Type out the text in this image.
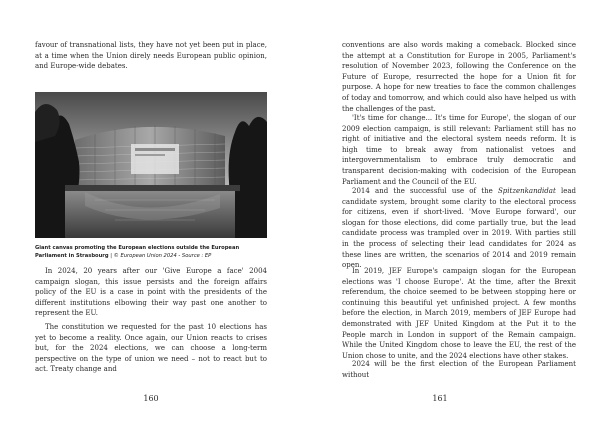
favour of transnational lists, they have not yet been put in place, at a time when the Union direly needs European public opinion, and Europe-wide debates.

Giant canvas promoting the European elections outside the European Parliament in Strasbourg | © European Union 2024 - Source : EP

In 2024, 20 years after our 'Give Europe a face' 2004 campaign slogan, this issue persists and the foreign affairs policy of the EU is a case in point with the presidents of the different institutions elbowing their way past one another to represent the EU.

The constitution we requested for the past 10 elections has yet to become a reality. Once again, our Union reacts to crises but, for the 2024 elections, we can choose a long-term perspective on the type of union we need – not to react but to act. Treaty change and

160

conventions are also words making a comeback. Blocked since the attempt at a Constitution for Europe in 2005, Parliament's resolution of November 2023, following the Conference on the Future of Europe, resurrected the hope for a Union fit for purpose. A hope for new treaties to face the common challenges of today and tomorrow, and which could also have helped us with the challenges of the past.

'It's time for change... It's time for Europe', the slogan of our 2009 election campaign, is still relevant: Parliament still has no right of initiative and the electoral system needs reform. It is high time to break away from nationalist vetoes and intergovernmentalism to embrace truly democratic and transparent decision-making with codecision of the European Parliament and the Council of the EU.

2014 and the successful use of the Spitzenkandidat lead candidate system, brought some clarity to the electoral process for citizens, even if short-lived. 'Move Europe forward', our slogan for those elections, did come partially true, but the lead candidate process was trampled over in 2019. With parties still in the process of selecting their lead candidates for 2024 as these lines are written, the scenarios of 2014 and 2019 remain open.

In 2019, JEF Europe's campaign slogan for the European elections was 'I choose Europe'. At the time, after the Brexit referendum, the choice seemed to be between stopping here or continuing this beautiful yet unfinished project. A few months before the election, in March 2019, members of JEF Europe had demonstrated with JEF United Kingdom at the Put it to the People march in London in support of the Remain campaign. While the United Kingdom chose to leave the EU, the rest of the Union chose to unite, and the 2024 elections have other stakes.

2024 will be the first election of the European Parliament without

161
